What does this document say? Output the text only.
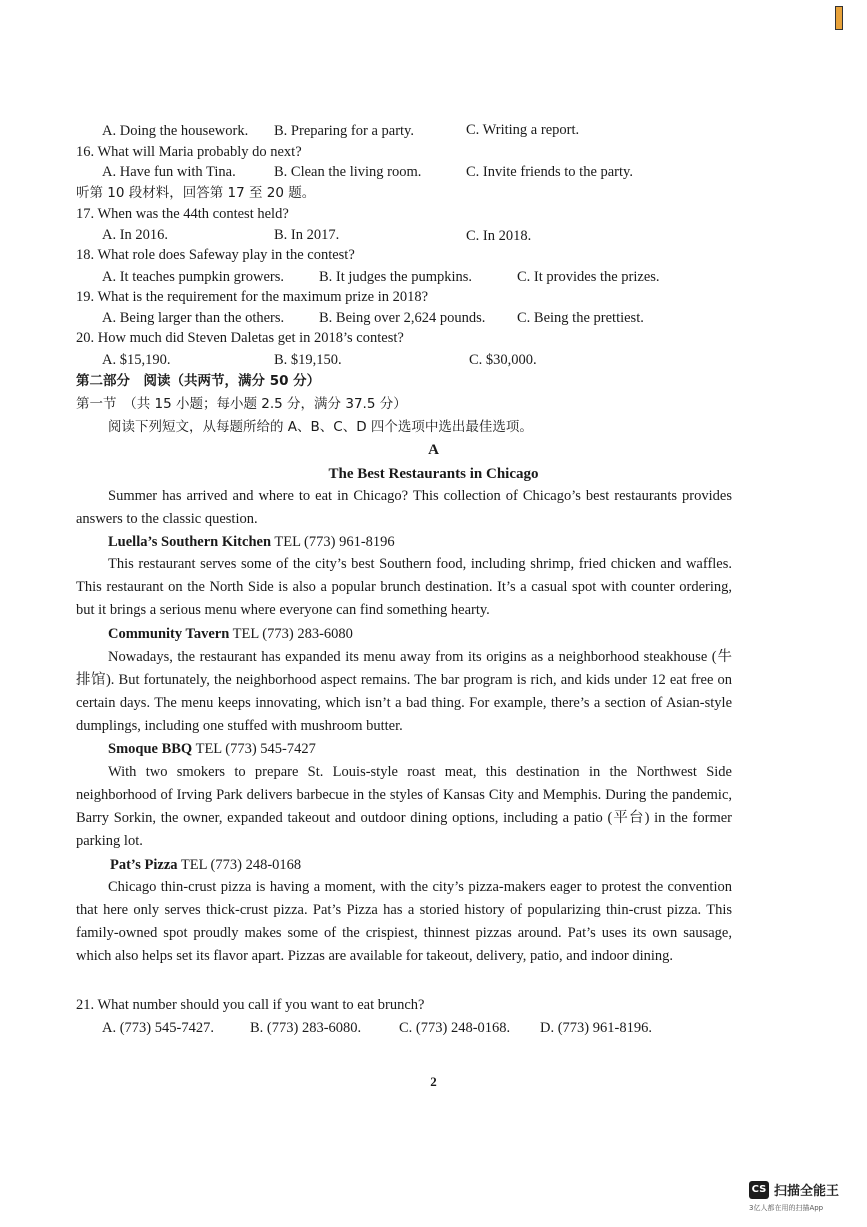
A. Doing the housework. B. Preparing for a party.	C. Writing a report.
16. What will Maria probably do next?
A. Have fun with Tina.	B. Clean the living room.	C. Invite friends to the party.
听第 10 段材料，回答第 17 至 20 题。
17. When was the 44th contest held?
A. In 2016.	B. In 2017.	C. In 2018.
18. What role does Safeway play in the contest?
A. It teaches pumpkin growers. B. It judges the pumpkins.	C. It provides the prizes.
19. What is the requirement for the maximum prize in 2018?
A. Being larger than the others. B. Being over 2,624 pounds. C. Being the prettiest.
20. How much did Steven Daletas get in 2018’s contest?
A. $15,190.	B. $19,150.	C. $30,000.
第二部分　阅读（共两节，满分 50 分）
第一节　（共 15 小题；每小题 2.5 分，满分 37.5 分）
阅读下列短文，从每题所给的 A、B、C、D 四个选项中选出最佳选项。
A
The Best Restaurants in Chicago
Summer has arrived and where to eat in Chicago? This collection of Chicago’s best restaurants provides answers to the classic question.
Luella’s Southern Kitchen TEL (773) 961-8196
This restaurant serves some of the city’s best Southern food, including shrimp, fried chicken and waffles. This restaurant on the North Side is also a popular brunch destination. It’s a casual spot with counter ordering, but it brings a serious menu where everyone can find something hearty.
Community Tavern TEL (773) 283-6080
Nowadays, the restaurant has expanded its menu away from its origins as a neighborhood steakhouse (牛排馆). But fortunately, the neighborhood aspect remains. The bar program is rich, and kids under 12 eat free on certain days. The menu keeps innovating, which isn’t a bad thing. For example, there’s a section of Asian-style dumplings, including one stuffed with mushroom butter.
Smoque BBQ TEL (773) 545-7427
With two smokers to prepare St. Louis-style roast meat, this destination in the Northwest Side neighborhood of Irving Park delivers barbecue in the styles of Kansas City and Memphis. During the pandemic, Barry Sorkin, the owner, expanded takeout and outdoor dining options, including a patio (平台) in the former parking lot.
Pat’s Pizza TEL (773) 248-0168
Chicago thin-crust pizza is having a moment, with the city’s pizza-makers eager to protest the convention that here only serves thick-crust pizza. Pat’s Pizza has a storied history of popularizing thin-crust pizza. This family-owned spot proudly makes some of the crispiest, thinnest pizzas around. Pat’s uses its own sausage, which also helps set its flavor apart. Pizzas are available for takeout, delivery, patio, and indoor dining.
21. What number should you call if you want to eat brunch?
A. (773) 545-7427. B. (773) 283-6080.	C. (773) 248-0168. D. (773) 961-8196.
2
CS 扫描全能王
3亿人都在用的扫描App
